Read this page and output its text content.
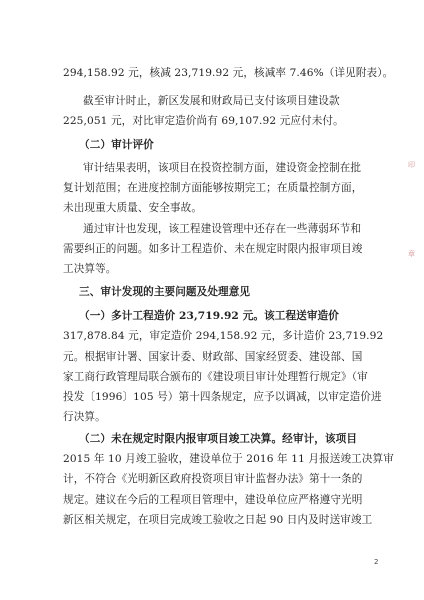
294,158.92 元，核减 23,719.92 元，核减率 7.46%（详见附表）。
截至审计时止，新区发展和财政局已支付该项目建设款
225,051 元，对比审定造价尚有 69,107.92 元应付未付。
（二）审计评价
审计结果表明，该项目在投资控制方面，建设资金控制在批
复计划范围；在进度控制方面能够按期完工；在质量控制方面，
未出现重大质量、安全事故。
通过审计也发现，该工程建设管理中还存在一些薄弱环节和
需要纠正的问题。如多计工程造价、未在规定时限内报审项目竣
工决算等。
三、审计发现的主要问题及处理意见
（一）多计工程造价 23,719.92 元。该工程送审造价
317,878.84 元，审定造价 294,158.92 元，多计造价 23,719.92
元。根据审计署、国家计委、财政部、国家经贸委、建设部、国
家工商行政管理局联合颁布的《建设项目审计处理暂行规定》（审
投发〔1996〕105 号）第十四条规定，应予以调减，以审定造价进
行决算。
（二）未在规定时限内报审项目竣工决算。经审计，该项目
2015 年 10 月竣工验收，建设单位于 2016 年 11 月报送竣工决算审
计，不符合《光明新区政府投资项目审计监督办法》第十一条的
规定。建议在今后的工程项目管理中，建设单位应严格遵守光明
新区相关规定，在项目完成竣工验收之日起 90 日内及时送审竣工
印
章
2
